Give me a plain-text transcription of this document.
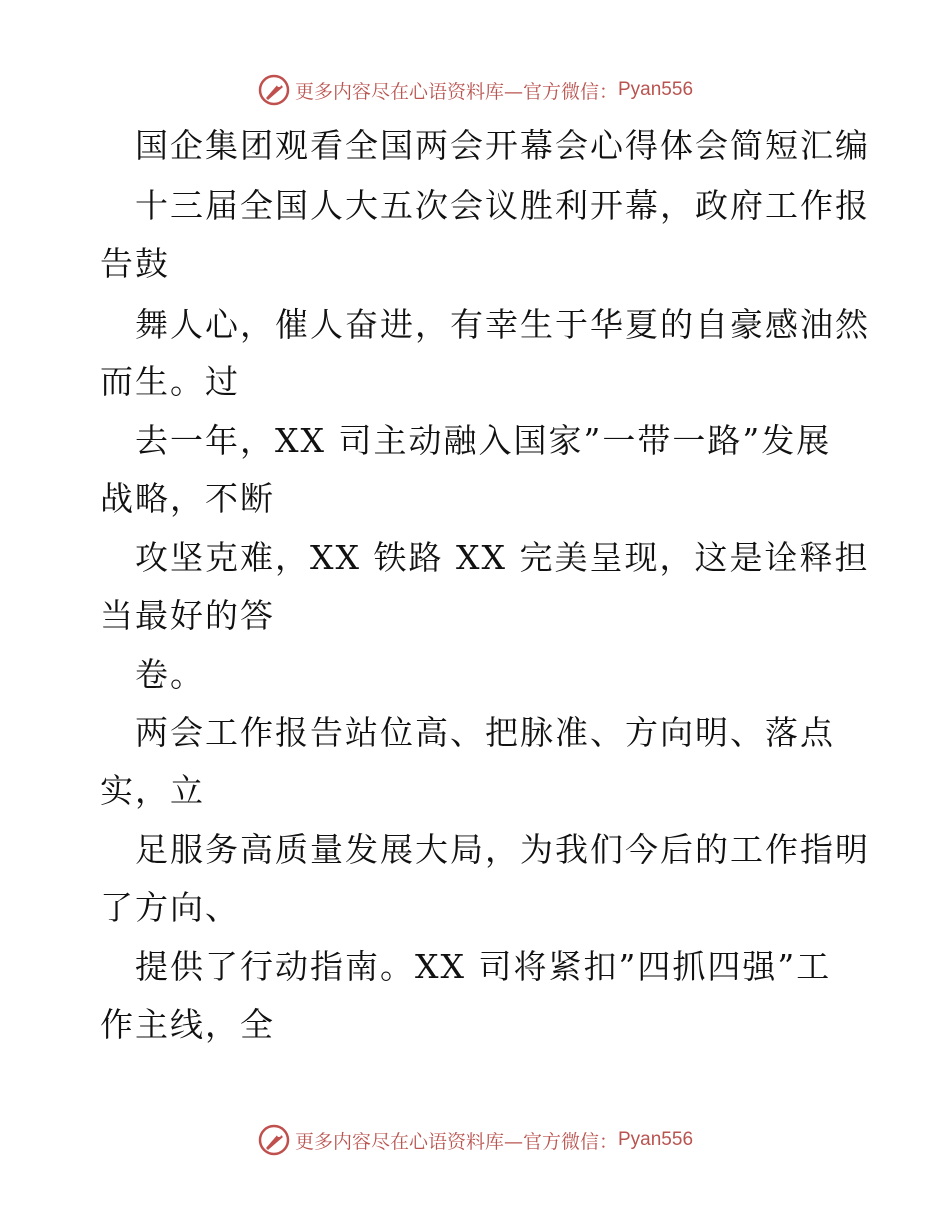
更多内容尽在心语资料库—官方微信： Pyan556
国企集团观看全国两会开幕会心得体会简短汇编
十三届全国人大五次会议胜利开幕，政府工作报
告鼓
舞人心，催人奋进，有幸生于华夏的自豪感油然
而生。过
去一年，XX 司主动融入国家”一带一路”发展
战略，不断
攻坚克难，XX 铁路 XX 完美呈现，这是诠释担
当最好的答
卷。
两会工作报告站位高、把脉准、方向明、落点
实，立
足服务高质量发展大局，为我们今后的工作指明
了方向、
提供了行动指南。XX 司将紧扣”四抓四强”工
作主线，全
更多内容尽在心语资料库—官方微信： Pyan556
